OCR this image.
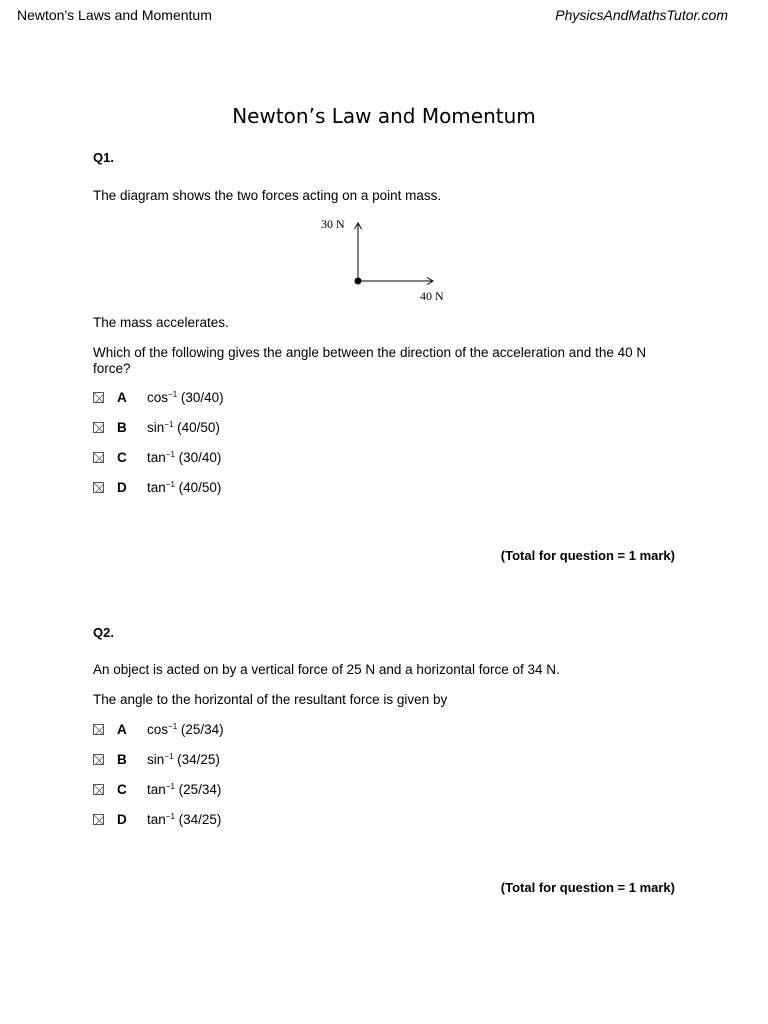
Newton's Laws and Momentum	PhysicsAndMathsTutor.com
Newton’s Law and Momentum
Q1.
The diagram shows the two forces acting on a point mass.
30 N
40 N
The mass accelerates.
Which of the following gives the angle between the direction of the acceleration and the 40 N force?
A $\cos^{-1} (30/40)$
B $\sin^{-1} (40/50)$
C $\tan^{-1} (30/40)$
D $\tan^{-1} (40/50)$
(Total for question = 1 mark)
Q2.
An object is acted on by a vertical force of 25 N and a horizontal force of 34 N.
The angle to the horizontal of the resultant force is given by
A $\cos^{-1} (25/34)$
B $\sin^{-1} (34/25)$
C $\tan^{-1} (25/34)$
D $\tan^{-1} (34/25)$
(Total for question = 1 mark)
